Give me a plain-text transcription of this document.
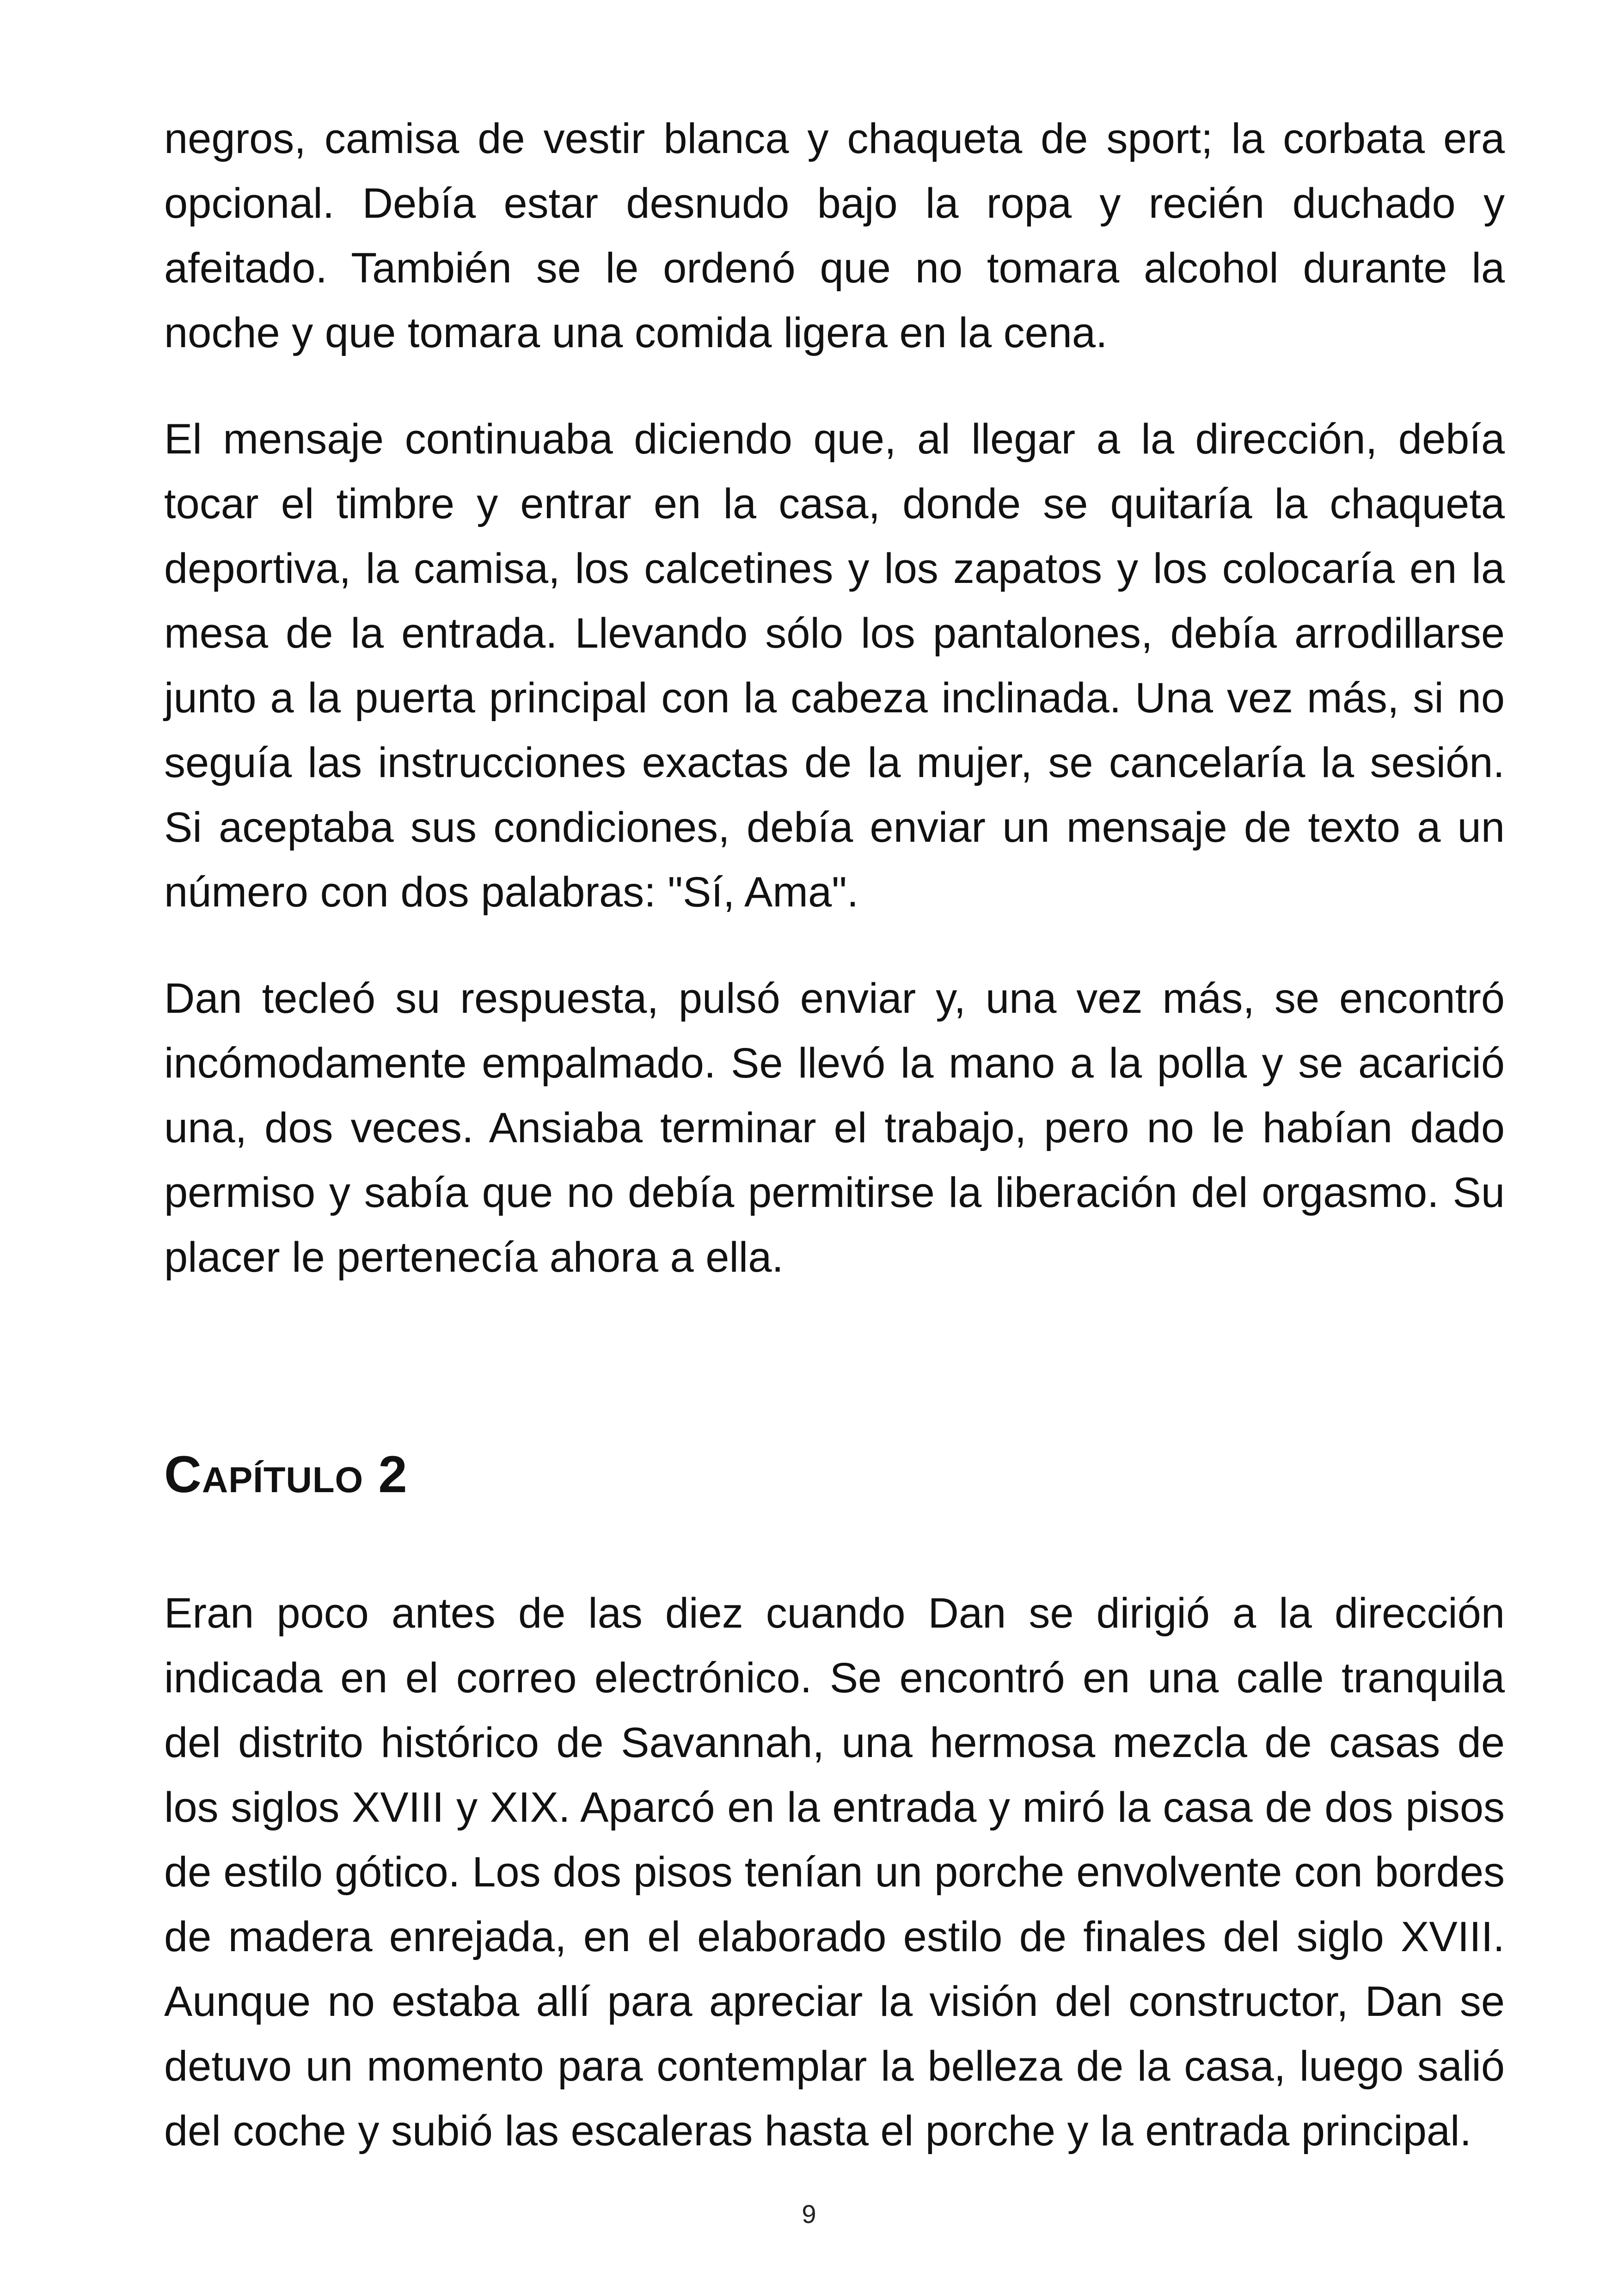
negros, camisa de vestir blanca y chaqueta de sport; la corbata era opcional. Debía estar desnudo bajo la ropa y recién duchado y afeitado. También se le ordenó que no tomara alcohol durante la noche y que tomara una comida ligera en la cena.

El mensaje continuaba diciendo que, al llegar a la dirección, debía tocar el timbre y entrar en la casa, donde se quitaría la chaqueta deportiva, la camisa, los calcetines y los zapatos y los colocaría en la mesa de la entrada. Llevando sólo los pantalones, debía arrodillarse junto a la puerta principal con la cabeza inclinada. Una vez más, si no seguía las instrucciones exactas de la mujer, se cancelaría la sesión. Si aceptaba sus condiciones, debía enviar un mensaje de texto a un número con dos palabras: "Sí, Ama".

Dan tecleó su respuesta, pulsó enviar y, una vez más, se encontró incómodamente empalmado. Se llevó la mano a la polla y se acarició una, dos veces. Ansiaba terminar el trabajo, pero no le habían dado permiso y sabía que no debía permitirse la liberación del orgasmo. Su placer le pertenecía ahora a ella.

Capítulo 2

Eran poco antes de las diez cuando Dan se dirigió a la dirección indicada en el correo electrónico. Se encontró en una calle tranquila del distrito histórico de Savannah, una hermosa mezcla de casas de los siglos XVIII y XIX. Aparcó en la entrada y miró la casa de dos pisos de estilo gótico. Los dos pisos tenían un porche envolvente con bordes de madera enrejada, en el elaborado estilo de finales del siglo XVIII. Aunque no estaba allí para apreciar la visión del constructor, Dan se detuvo un momento para contemplar la belleza de la casa, luego salió del coche y subió las escaleras hasta el porche y la entrada principal.

9
